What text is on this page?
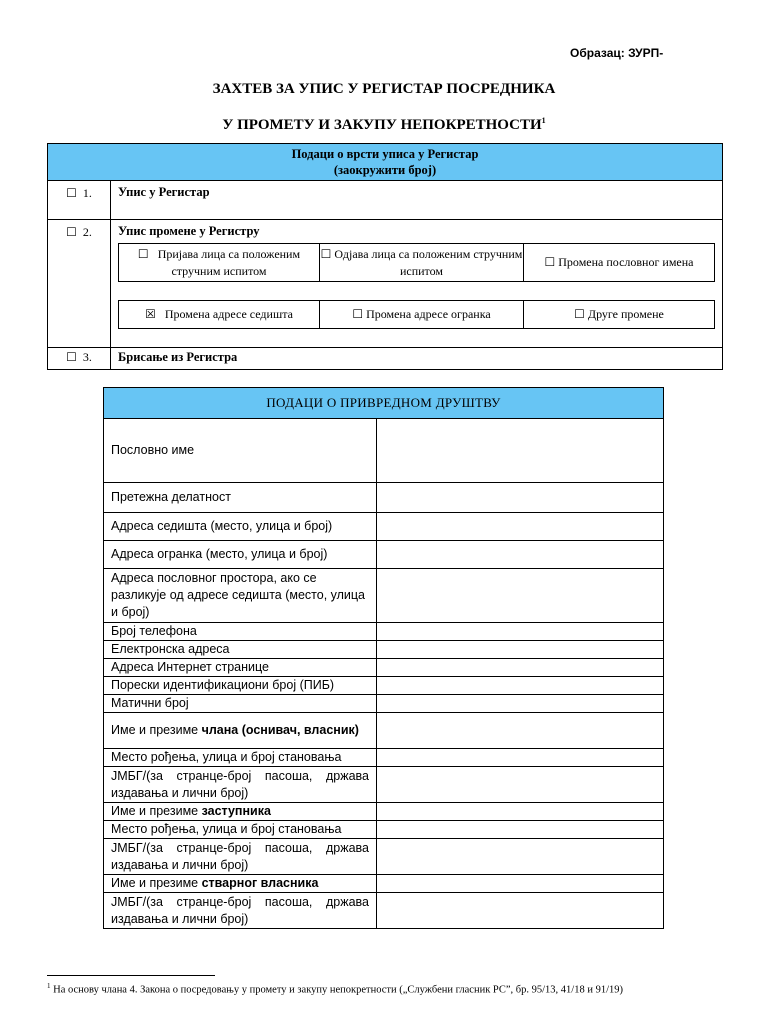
Образац: ЗУРП-
ЗАХТЕВ ЗА УПИС У РЕГИСТАР ПОСРЕДНИКА
У ПРОМЕТУ И ЗАКУПУ НЕПОКРЕТНОСТИ$^1$
Подаци о врсти уписа у Регистар
(заокружити број)

☐ 1.	Упис у Регистар
☐ 2.	Упис промене у Регистру
☐ Пријава лица са положеним стручним испитом	☐ Одјава лица са положеним стручним испитом	☐ Промена пословног имена
☒ Промена адресе седишта	☐ Промена адресе огранка	☐ Друге промене

☐ 3.	Брисање из Регистра
ПОДАЦИ О ПРИВРЕДНОМ ДРУШТВУ	
Пословно име	
Претежна делатност	
Адреса седишта (место, улица и број)	
Адреса огранка (место, улица и број)	
Адреса пословног простора, ако се разликује од адресе седишта (место, улица и број)	
Број телефона	
Електронска адреса	
Адреса Интернет странице	
Порески идентификациони број (ПИБ)	
Матични број	
Име и презиме члана (оснивач, власник)	
Место рођења, улица и број становања	
ЈМБГ/(за странце-број пасоша, држава издавања и лични број)	
Име и презиме заступника	
Место рођења, улица и број становања	
ЈМБГ/(за странце-број пасоша, држава издавања и лични број)	
Име и презиме стварног власника	
ЈМБГ/(за странце-број пасоша, држава издавања и лични број)	
$^1$ На основу члана 4. Закона о посредовању у промету и закупу непокретности („Службени гласник РС”, бр. 95/13, 41/18 и 91/19)
